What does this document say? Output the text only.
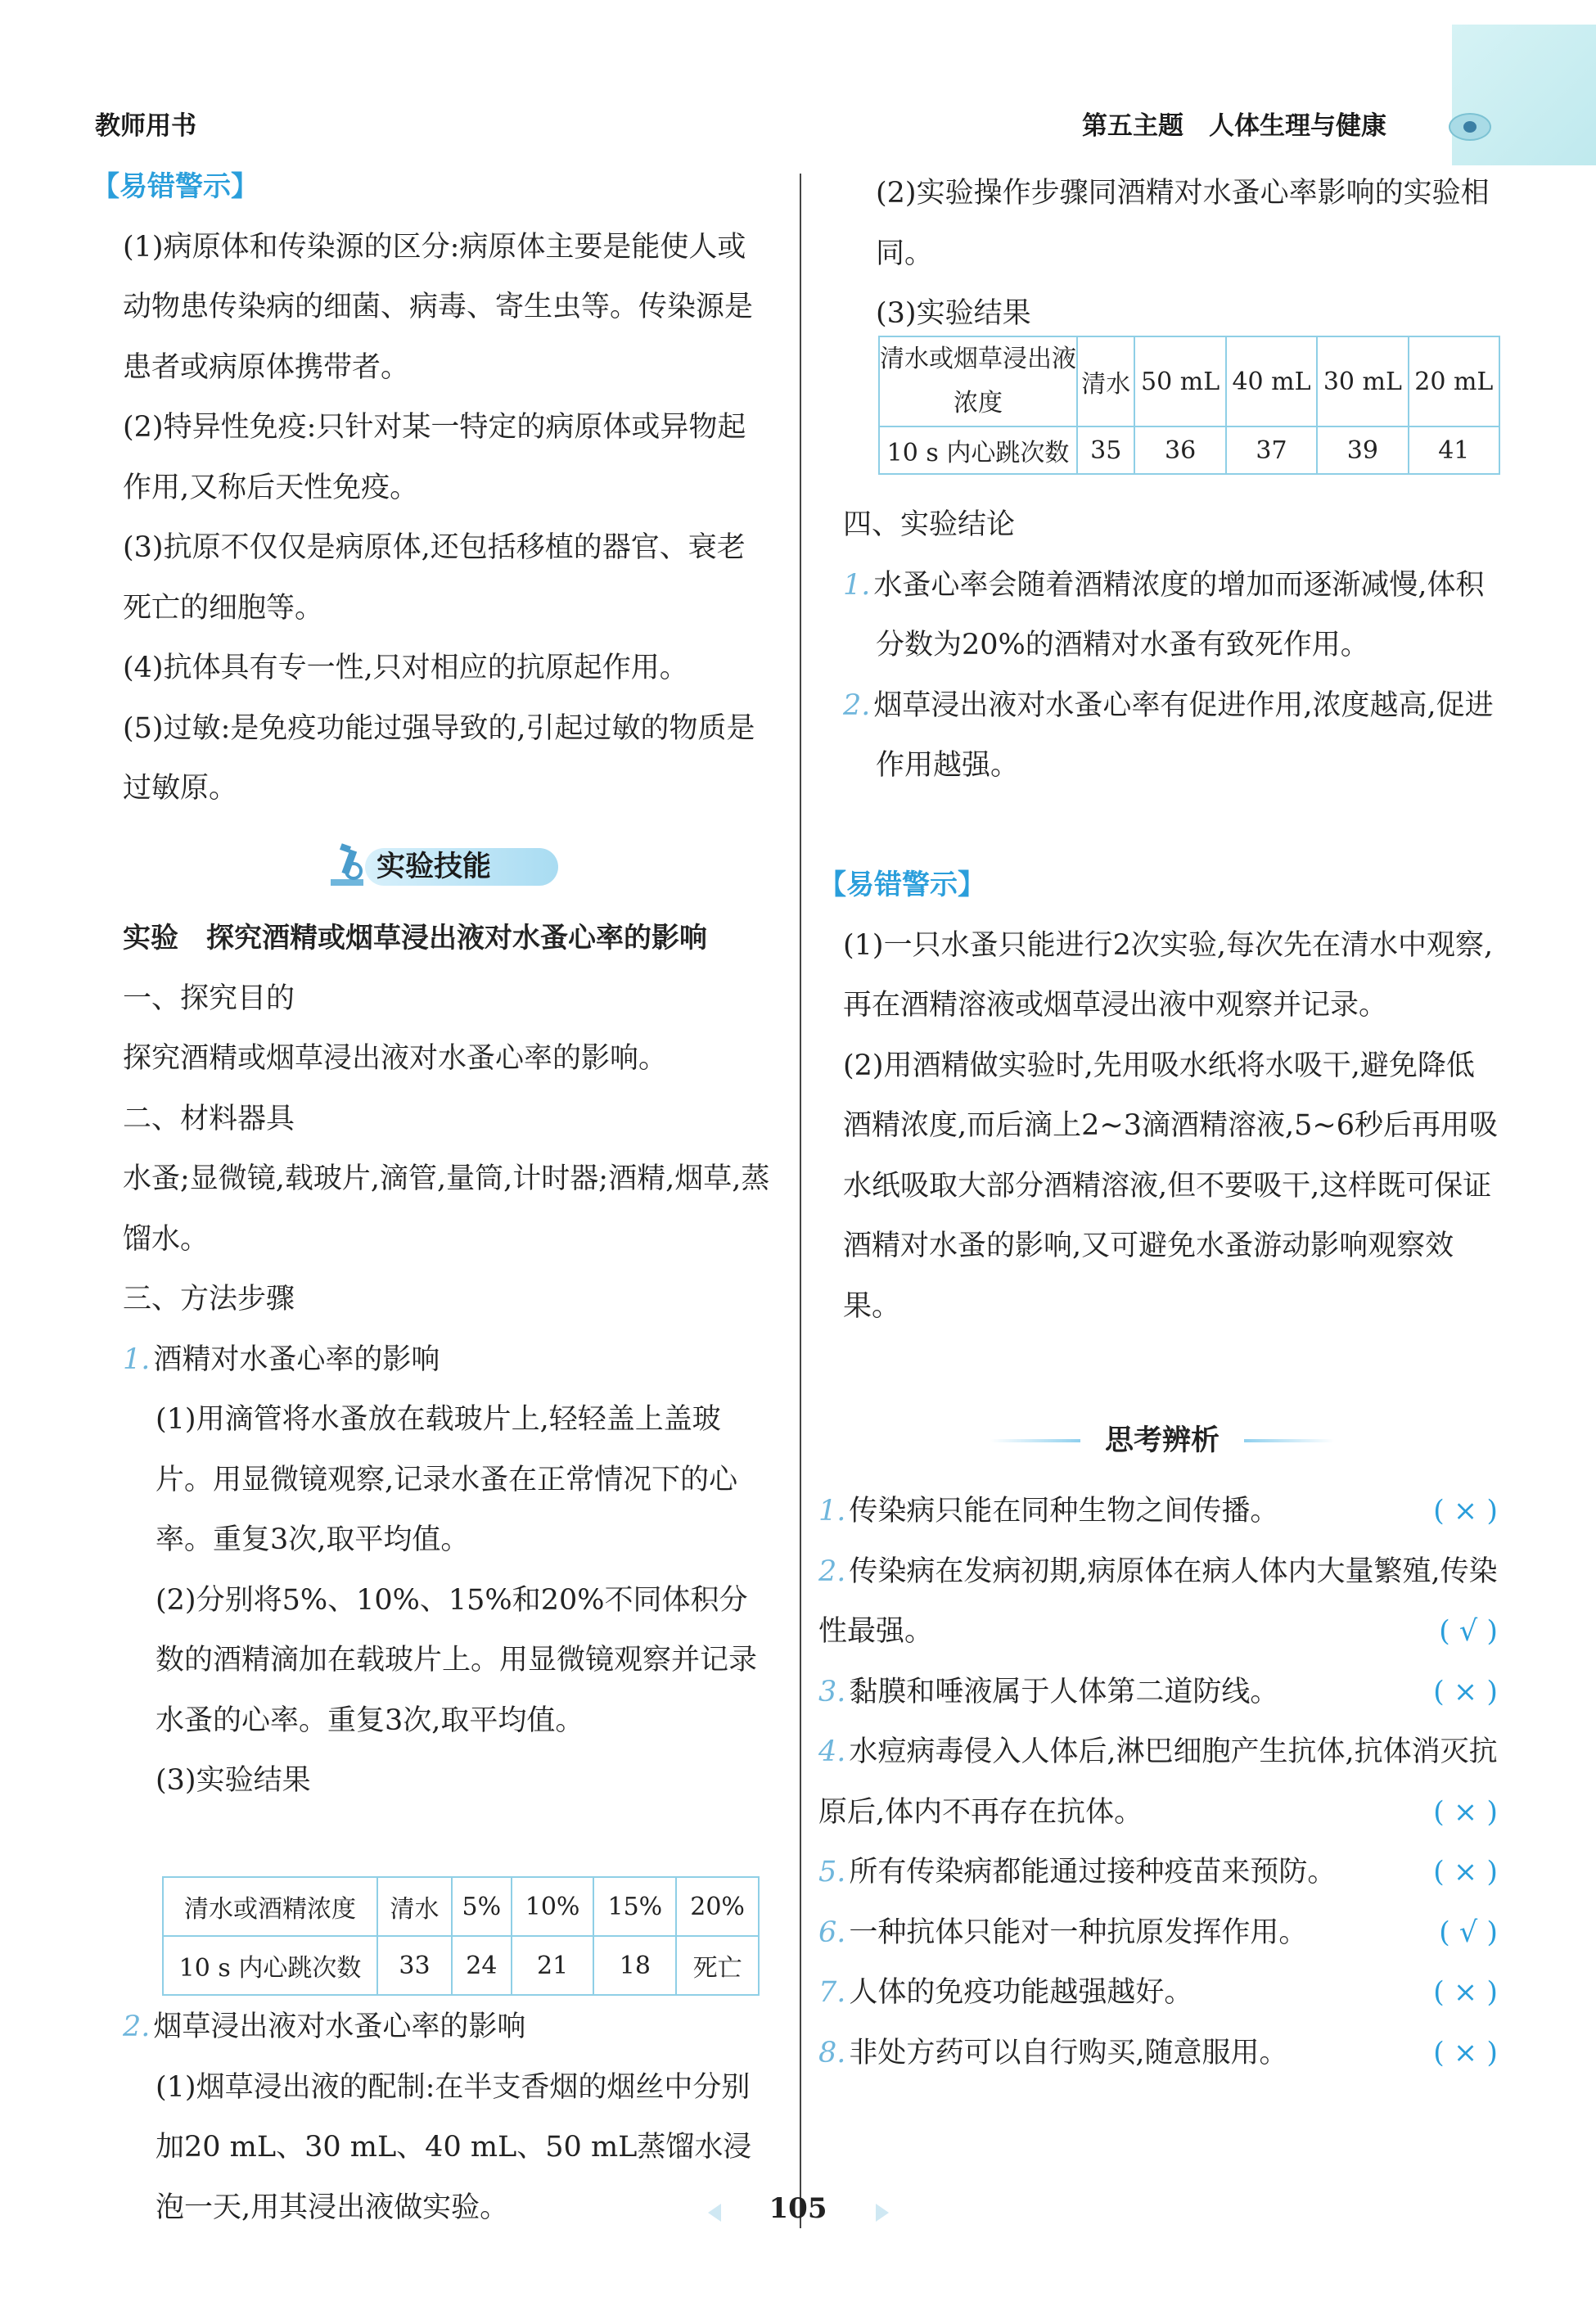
教师用书	第五主题　人体生理与健康

【易错警示】

(1)病原体和传染源的区分:病原体主要是能使人或动物患传染病的细菌、病毒、寄生虫等。传染源是患者或病原体携带者。

(2)特异性免疫:只针对某一特定的病原体或异物起作用,又称后天性免疫。

(3)抗原不仅仅是病原体,还包括移植的器官、衰老死亡的细胞等。

(4)抗体具有专一性,只对相应的抗原起作用。

(5)过敏:是免疫功能过强导致的,引起过敏的物质是过敏原。

实验技能

实验　探究酒精或烟草浸出液对水蚤心率的影响

一、探究目的

探究酒精或烟草浸出液对水蚤心率的影响。

二、材料器具

水蚤;显微镜,载玻片,滴管,量筒,计时器;酒精,烟草,蒸馏水。

三、方法步骤

1. 酒精对水蚤心率的影响

(1)用滴管将水蚤放在载玻片上,轻轻盖上盖玻片。用显微镜观察,记录水蚤在正常情况下的心率。重复3次,取平均值。

(2)分别将5%、10%、15%和20%不同体积分数的酒精滴加在载玻片上。用显微镜观察并记录水蚤的心率。重复3次,取平均值。

(3)实验结果

清水或酒精浓度	清水	5%	10%	15%	20%
10 s 内心跳次数	33	24	21	18	死亡

2. 烟草浸出液对水蚤心率的影响

(1)烟草浸出液的配制:在半支香烟的烟丝中分别加20 mL、30 mL、40 mL、50 mL蒸馏水浸泡一天,用其浸出液做实验。

(2)实验操作步骤同酒精对水蚤心率影响的实验相同。

(3)实验结果

清水或烟草浸出液浓度	清水	50 mL	40 mL	30 mL	20 mL
10 s 内心跳次数	35	36	37	39	41

四、实验结论

1. 水蚤心率会随着酒精浓度的增加而逐渐减慢,体积分数为20%的酒精对水蚤有致死作用。

2. 烟草浸出液对水蚤心率有促进作用,浓度越高,促进作用越强。

【易错警示】

(1)一只水蚤只能进行2次实验,每次先在清水中观察,再在酒精溶液或烟草浸出液中观察并记录。

(2)用酒精做实验时,先用吸水纸将水吸干,避免降低酒精浓度,而后滴上2~3滴酒精溶液,5~6秒后再用吸水纸吸取大部分酒精溶液,但不要吸干,这样既可保证酒精对水蚤的影响,又可避免水蚤游动影响观察效果。

思考辨析

1. 传染病只能在同种生物之间传播。	( × )

2. 传染病在发病初期,病原体在病人体内大量繁殖,传染性最强。	( √ )

3. 黏膜和唾液属于人体第二道防线。	( × )

4. 水痘病毒侵入人体后,淋巴细胞产生抗体,抗体消灭抗原后,体内不再存在抗体。	( × )

5. 所有传染病都能通过接种疫苗来预防。	( × )

6. 一种抗体只能对一种抗原发挥作用。	( √ )

7. 人体的免疫功能越强越好。	( × )

8. 非处方药可以自行购买,随意服用。	( × )

105
